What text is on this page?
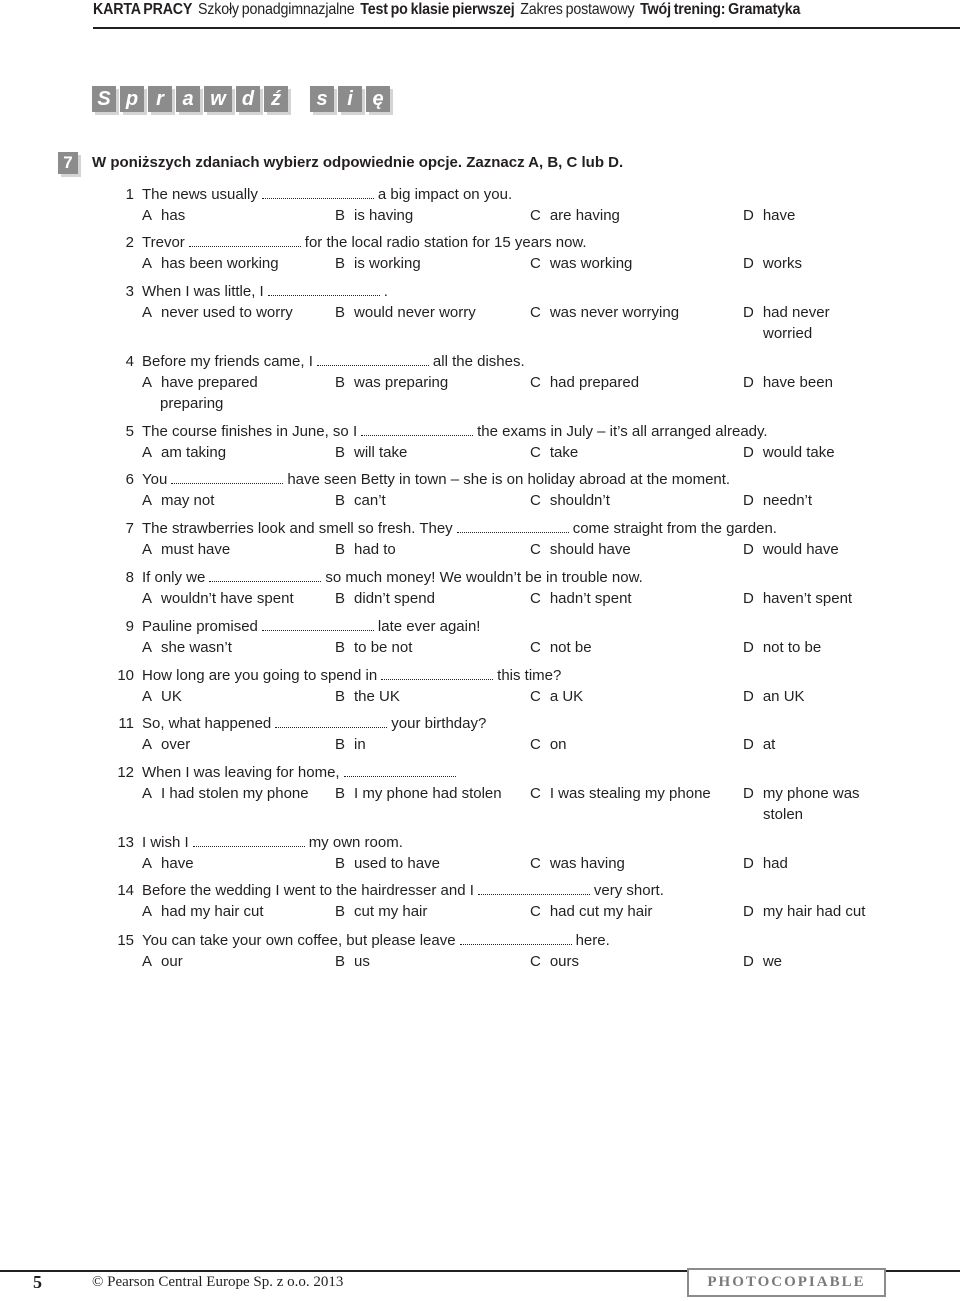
KARTA PRACY Szkoły ponadgimnazjalne Test po klasie pierwszej Zakres postawowy Twój trening: Gramatyka
S p r a w d ź	s i ę
7	W poniższych zdaniach wybierz odpowiednie opcje. Zaznacz A, B, C lub D.
1 The news usually	a big impact on you.
A has	B is having	C are having	D have
2 Trevor	for the local radio station for 15 years now.
A has been working	B is working	C was working	D works
3 When I was little, I	.
A never used to worry	B would never worry	C was never worrying	D had never
worried
4 Before my friends came, I	all the dishes.
A have prepared
preparing
B was preparing	C had prepared	D have been
5 The course finishes in June, so I	the exams in July – it’s all arranged already.
A am taking	B will take	C take	D would take
6 You	have seen Betty in town – she is on holiday abroad at the moment.
A may not	B can’t	C shouldn’t	D needn’t
7 The strawberries look and smell so fresh. They	come straight from the garden.
A must have	B had to	C should have	D would have
8 If only we	so much money! We wouldn’t be in trouble now.
A wouldn’t have spent	B didn’t spend	C hadn’t spent	D haven’t spent
9 Pauline promised	late ever again!
A she wasn’t	B to be not	C not be	D not to be
10 How long are you going to spend in	this time?
A UK	B the UK	C a UK	D an UK
11 So, what happened	your birthday?
A over	B in	C on	D at
12 When I was leaving for home,
A I had stolen my phone B I my phone had stolen C I was stealing my phone D my phone was
stolen
13 I wish I	my own room.
A have	B used to have	C was having	D had
14 Before the wedding I went to the hairdresser and I	very short.
A had my hair cut	B cut my hair	C had cut my hair	D my hair had cut
15 You can take your own coffee, but please leave	here.
A our	B us	C ours	D we
5	© Pearson Central Europe Sp. z o.o. 2013	PHOTOCOPIABLE
